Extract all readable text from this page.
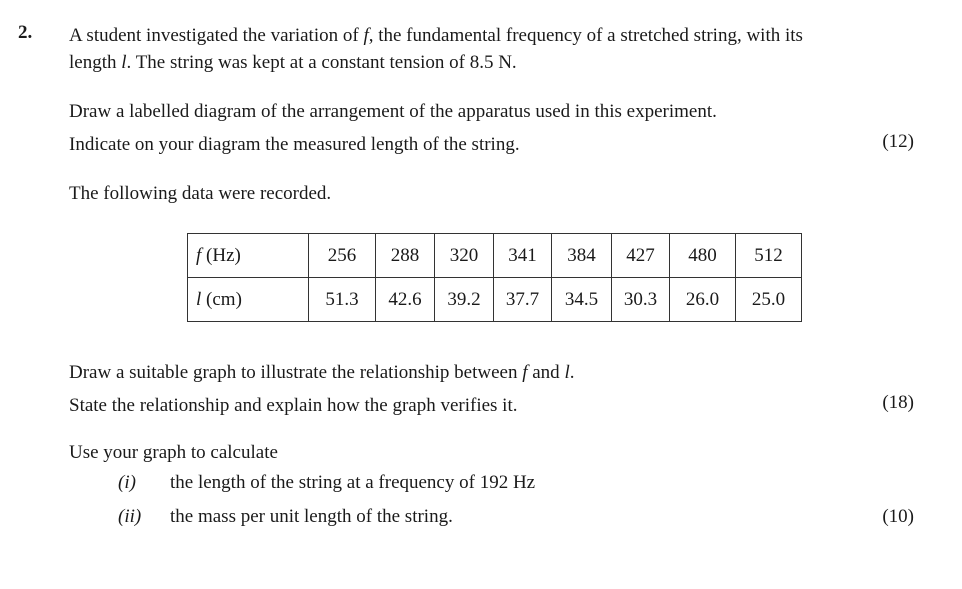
2. A student investigated the variation of f, the fundamental frequency of a stretched string, with its
length l. The string was kept at a constant tension of 8.5 N.
Draw a labelled diagram of the arrangement of the apparatus used in this experiment.
Indicate on your diagram the measured length of the string.	(12)
The following data were recorded.
f (Hz)	256	288	320	341	384	427	480	512
l (cm)	51.3	42.6	39.2	37.7	34.5	30.3	26.0	25.0
Draw a suitable graph to illustrate the relationship between f and l.
State the relationship and explain how the graph verifies it.	(18)
Use your graph to calculate
(i) the length of the string at a frequency of 192 Hz
(ii) the mass per unit length of the string.	(10)
